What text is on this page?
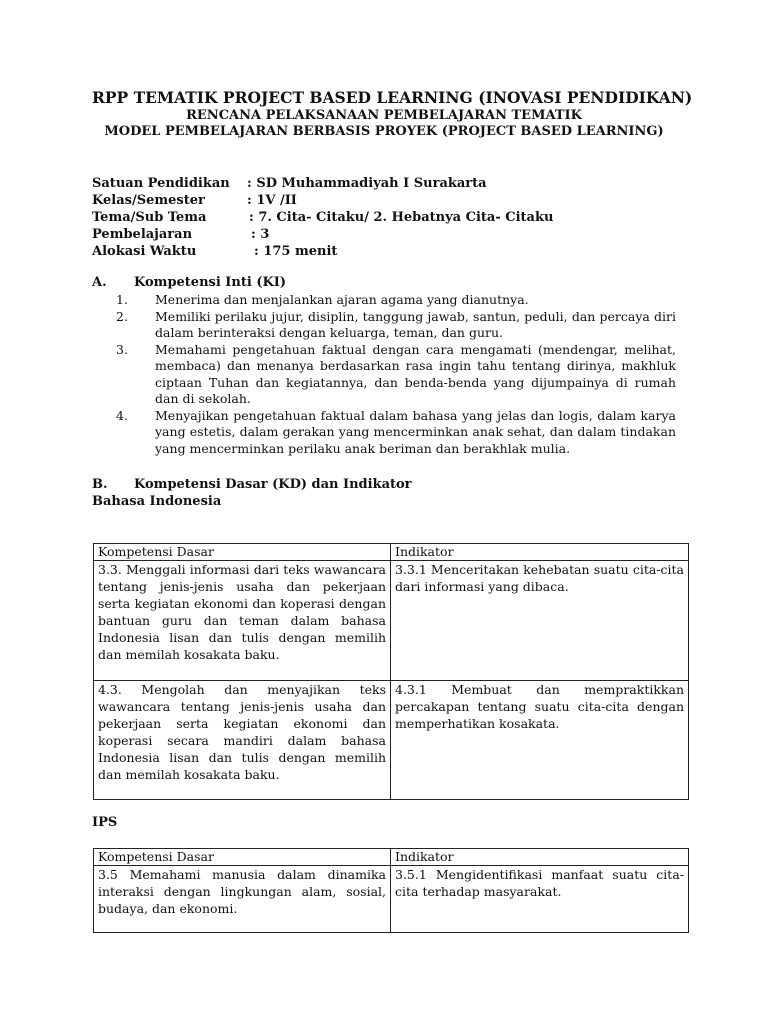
RPP TEMATIK PROJECT BASED LEARNING (INOVASI PENDIDIKAN)
RENCANA PELAKSANAAN PEMBELAJARAN TEMATIK
MODEL PEMBELAJARAN BERBASIS PROYEK (PROJECT BASED LEARNING)
Satuan Pendidikan : SD Muhammadiyah I Surakarta
Kelas/Semester	: 1V /II
Tema/Sub Tema	: 7. Cita- Citaku/ 2. Hebatnya Cita- Citaku
Pembelajaran	: 3
Alokasi Waktu	: 175 menit
A. Kompetensi Inti (KI)
1. Menerima dan menjalankan ajaran agama yang dianutnya.
2. Memiliki perilaku jujur, disiplin, tanggung jawab, santun, peduli, dan percaya diri dalam berinteraksi dengan keluarga, teman, dan guru.
3. Memahami pengetahuan faktual dengan cara mengamati (mendengar, melihat, membaca) dan menanya berdasarkan rasa ingin tahu tentang dirinya, makhluk ciptaan Tuhan dan kegiatannya, dan benda-benda yang dijumpainya di rumah dan di sekolah.
4. Menyajikan pengetahuan faktual dalam bahasa yang jelas dan logis, dalam karya yang estetis, dalam gerakan yang mencerminkan anak sehat, dan dalam tindakan yang mencerminkan perilaku anak beriman dan berakhlak mulia.
B. Kompetensi Dasar (KD) dan Indikator
Bahasa Indonesia
Kompetensi Dasar	Indikator
3.3. Menggali informasi dari teks wawancara tentang jenis-jenis usaha dan pekerjaan serta kegiatan ekonomi dan koperasi dengan bantuan guru dan teman dalam bahasa Indonesia lisan dan tulis dengan memilih dan memilah kosakata baku.	3.3.1 Menceritakan kehebatan suatu cita-cita dari informasi yang dibaca.
4.3. Mengolah dan menyajikan teks wawancara tentang jenis-jenis usaha dan pekerjaan serta kegiatan ekonomi dan koperasi secara mandiri dalam bahasa Indonesia lisan dan tulis dengan memilih dan memilah kosakata baku.	4.3.1 Membuat dan mempraktikkan percakapan tentang suatu cita-cita dengan memperhatikan kosakata.
IPS
Kompetensi Dasar	Indikator
3.5 Memahami manusia dalam dinamika interaksi dengan lingkungan alam, sosial, budaya, dan ekonomi.	3.5.1 Mengidentifikasi manfaat suatu cita-cita terhadap masyarakat.
